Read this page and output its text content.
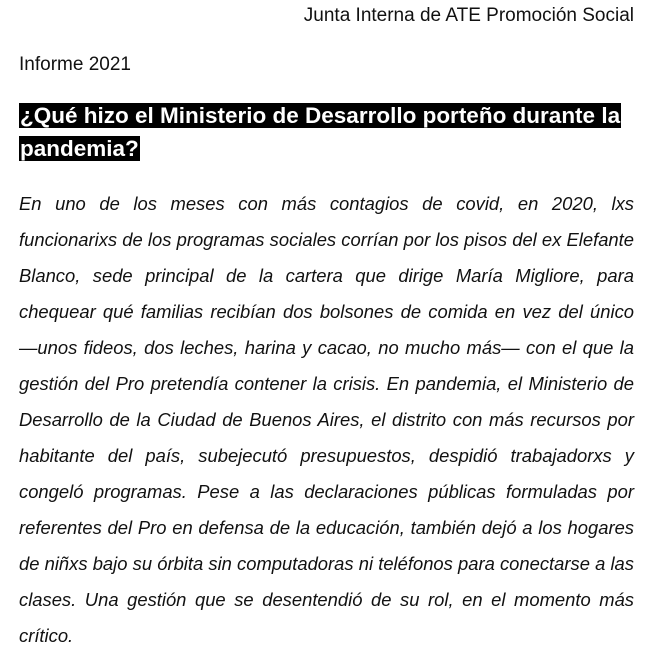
Junta Interna de ATE Promoción Social
Informe 2021
¿Qué hizo el Ministerio de Desarrollo porteño durante la pandemia?

En uno de los meses con más contagios de covid, en 2020, lxs funcionarixs de los programas sociales corrían por los pisos del ex Elefante Blanco, sede principal de la cartera que dirige María Migliore, para chequear qué familias recibían dos bolsones de comida en vez del único —unos fideos, dos leches, harina y cacao, no mucho más— con el que la gestión del Pro pretendía contener la crisis. En pandemia, el Ministerio de Desarrollo de la Ciudad de Buenos Aires, el distrito con más recursos por habitante del país, subejecutó presupuestos, despidió trabajadorxs y congeló programas. Pese a las declaraciones públicas formuladas por referentes del Pro en defensa de la educación, también dejó a los hogares de niñxs bajo su órbita sin computadoras ni teléfonos para conectarse a las clases. Una gestión que se desentendió de su rol, en el momento más crítico.
